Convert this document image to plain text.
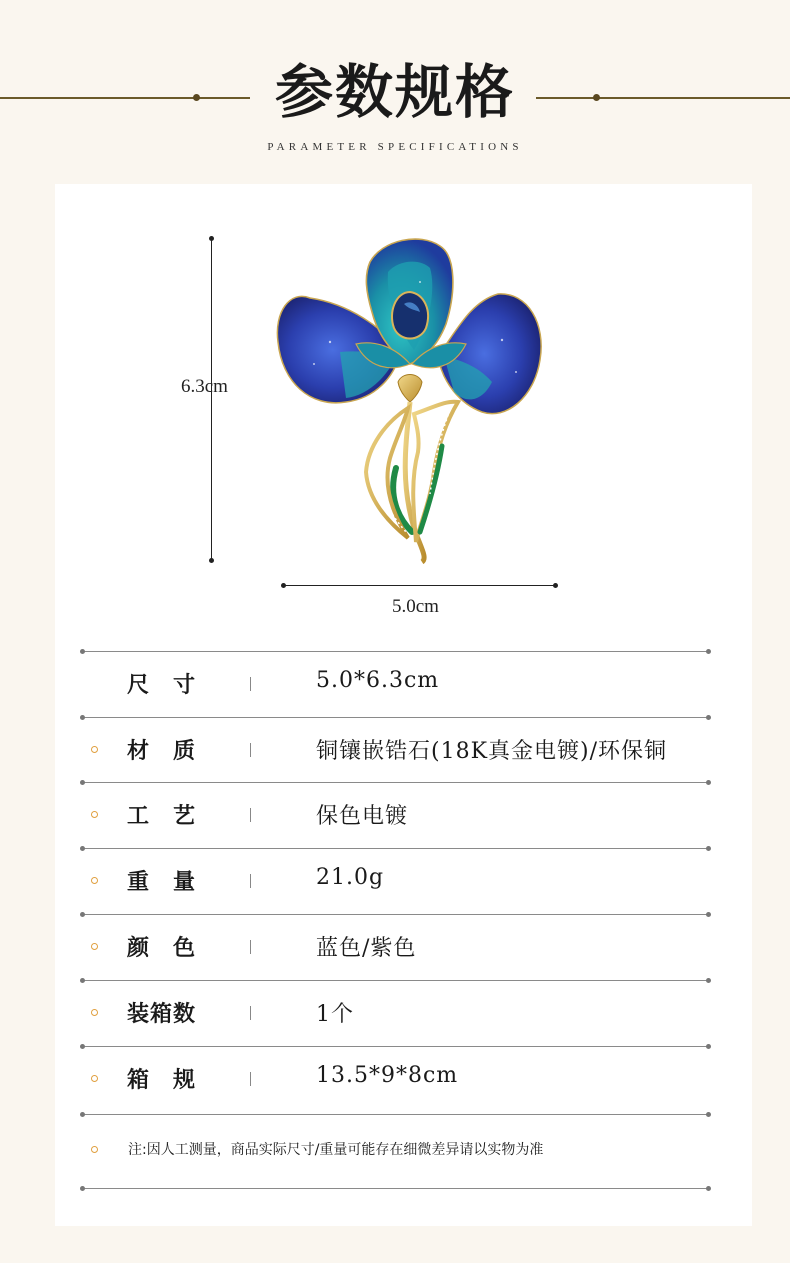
参数规格
PARAMETER SPECIFICATIONS
6.3cm
5.0cm
尺　寸	5.0*6.3cm
材　质	铜镶嵌锆石(18K真金电镀)/环保铜
工　艺	保色电镀
重　量	21.0g
颜　色	蓝色/紫色
装箱数	1个
箱　规	13.5*9*8cm
注:因人工测量，商品实际尺寸/重量可能存在细微差异请以实物为准
